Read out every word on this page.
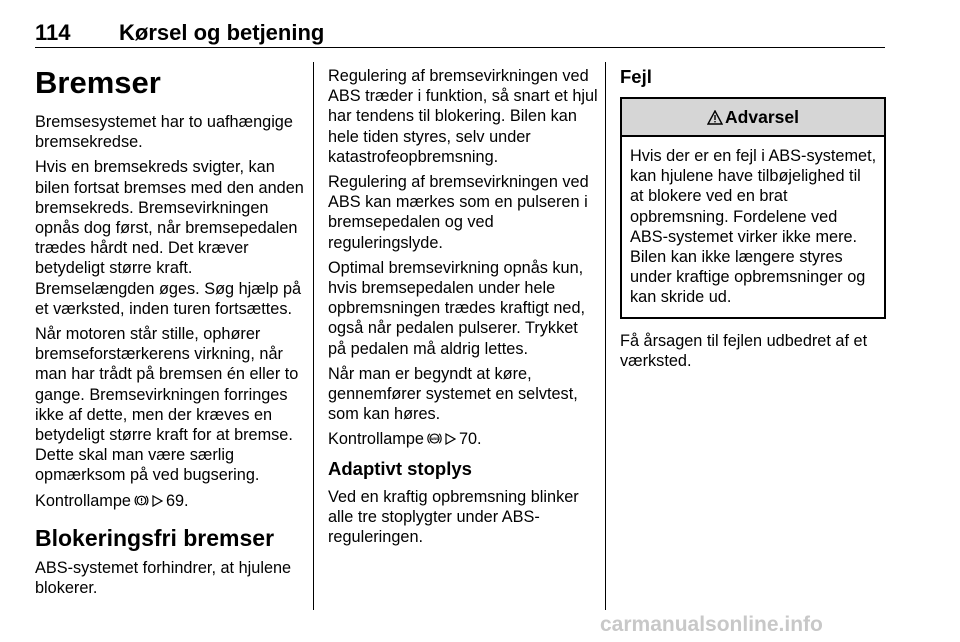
114 Kørsel og betjening
Bremser

Bremsesystemet har to uafhængige bremsekredse.

Hvis en bremsekreds svigter, kan bilen fortsat bremses med den anden bremsekreds. Bremsevirkningen opnås dog først, når bremsepedalen trædes hårdt ned. Det kræver betydeligt større kraft. Bremselængden øges. Søg hjælp på et værksted, inden turen fortsættes.

Når motoren står stille, ophører bremseforstærkerens virkning, når man har trådt på bremsen én eller to gange. Bremsevirkningen forringes ikke af dette, men der kræves en betydeligt større kraft for at bremse. Dette skal man være særlig opmærksom på ved bugsering.

Kontrollampe 69.

Blokeringsfri bremser

ABS-systemet forhindrer, at hjulene blokerer.

Regulering af bremsevirkningen ved ABS træder i funktion, så snart et hjul har tendens til blokering. Bilen kan hele tiden styres, selv under katastrofeopbremsning.

Regulering af bremsevirkningen ved ABS kan mærkes som en pulseren i bremsepedalen og ved reguleringslyde.

Optimal bremsevirkning opnås kun, hvis bremsepedalen under hele opbremsningen trædes kraftigt ned, også når pedalen pulserer. Trykket på pedalen må aldrig lettes.

Når man er begyndt at køre, gennemfører systemet en selvtest, som kan høres.

Kontrollampe ABS 70.

Adaptivt stoplys

Ved en kraftig opbremsning blinker alle tre stoplygter under ABS-reguleringen.

Fejl
Advarsel

Hvis der er en fejl i ABS-systemet, kan hjulene have tilbøjelighed til at blokere ved en brat opbremsning. Fordelene ved ABS-systemet virker ikke mere. Bilen kan ikke længere styres under kraftige opbremsninger og kan skride ud.

Få årsagen til fejlen udbedret af et værksted.

carmanualsonline.info
